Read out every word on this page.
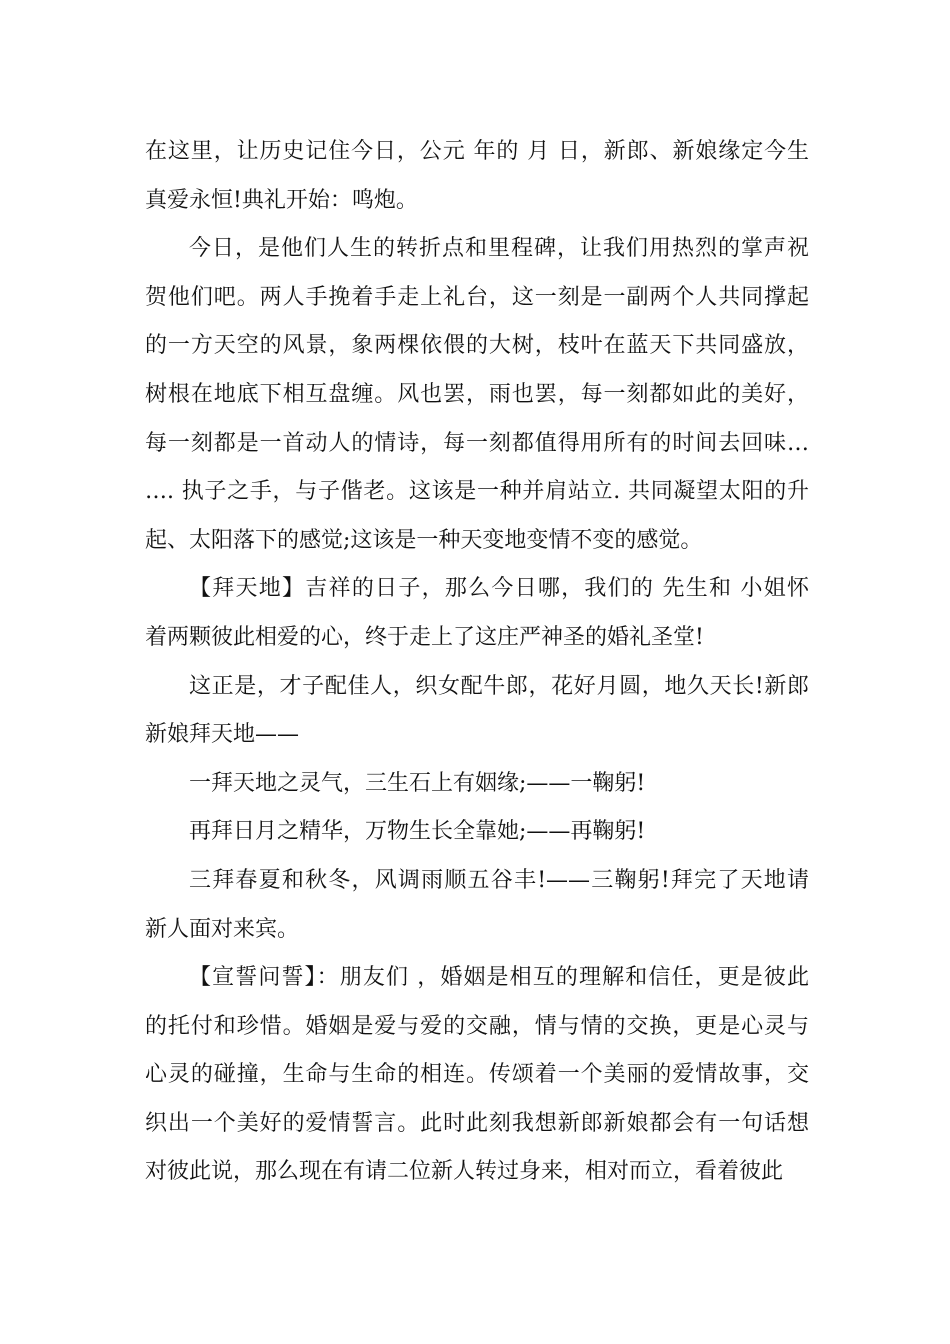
在这里，让历史记住今日，公元 年的 月 日，新郎、新娘缘定今生
真爱永恒!典礼开始：鸣炮。
今日，是他们人生的转折点和里程碑，让我们用热烈的掌声祝
贺他们吧。两人手挽着手走上礼台，这一刻是一副两个人共同撑起
的一方天空的风景，象两棵依偎的大树，枝叶在蓝天下共同盛放，
树根在地底下相互盘缠。风也罢，雨也罢，每一刻都如此的美好，
每一刻都是一首动人的情诗，每一刻都值得用所有的时间去回味…
…. 执子之手，与子偕老。这该是一种并肩站立. 共同凝望太阳的升
起、太阳落下的感觉;这该是一种天变地变情不变的感觉。
【拜天地】吉祥的日子，那么今日哪，我们的 先生和 小姐怀
着两颗彼此相爱的心，终于走上了这庄严神圣的婚礼圣堂!
这正是，才子配佳人，织女配牛郎，花好月圆，地久天长!新郎
新娘拜天地——
一拜天地之灵气，三生石上有姻缘;——一鞠躬!
再拜日月之精华，万物生长全靠她;——再鞠躬!
三拜春夏和秋冬，风调雨顺五谷丰!——三鞠躬!拜完了天地请
新人面对来宾。
【宣誓问誓】：朋友们 ，婚姻是相互的理解和信任，更是彼此
的托付和珍惜。婚姻是爱与爱的交融，情与情的交换，更是心灵与
心灵的碰撞，生命与生命的相连。传颂着一个美丽的爱情故事，交
织出一个美好的爱情誓言。此时此刻我想新郎新娘都会有一句话想
对彼此说，那么现在有请二位新人转过身来，相对而立，看着彼此
